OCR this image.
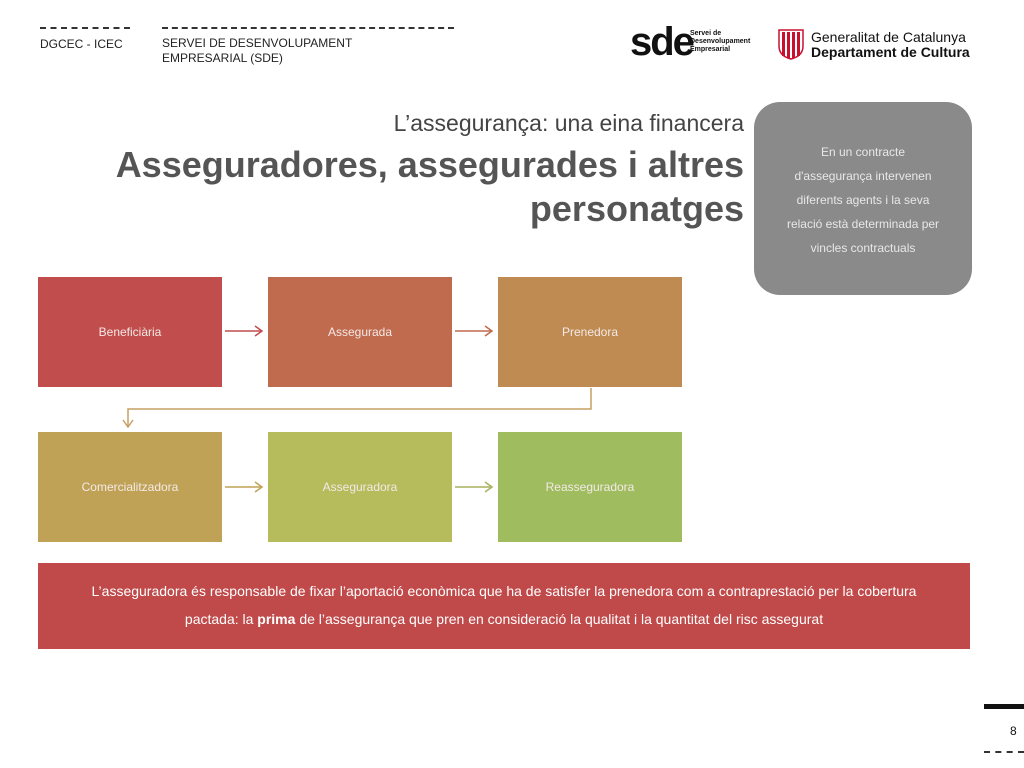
DGCEC - ICEC	SERVEI DE DESENVOLUPAMENT
EMPRESARIAL (SDE)	sde
Servei de
Desenvolupament
Empresarial
Generalitat de Catalunya
Departament de Cultura
L’assegurança: una eina financera
Asseguradores, assegurades i altres
personatges
En un contracte
d'assegurança intervenen
diferents agents i la seva
relació està determinada per
vincles contractuals
Beneficiària	Assegurada	Prenedora
Comercialitzadora	Asseguradora	Reasseguradora
L’asseguradora és responsable de fixar l’aportació econòmica que ha de satisfer la prenedora com a contraprestació per la cobertura
pactada: la prima de l’assegurança que pren en consideració la qualitat i la quantitat del risc assegurat
8
